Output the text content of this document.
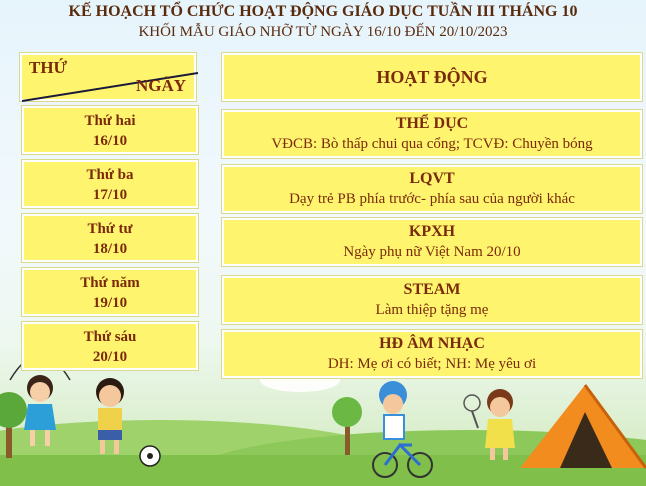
KẾ HOẠCH TỔ CHỨC HOẠT ĐỘNG GIÁO DỤC TUẦN III THÁNG 10
KHỐI MẪU GIÁO NHỠ TỪ NGÀY 16/10 ĐẾN 20/10/2023
THỨ
NGÀY	HOẠT ĐỘNG
Thứ hai
16/10
Thứ ba
17/10
Thứ tư
18/10
Thứ năm
19/10
Thứ sáu
20/10
THỂ DỤC
VĐCB: Bò thấp chui qua cổng; TCVĐ: Chuyền bóng
LQVT
Dạy trẻ PB phía trước- phía sau của người khác
KPXH
Ngày phụ nữ Việt Nam 20/10
STEAM
Làm thiệp tặng mẹ
HĐ ÂM NHẠC
DH: Mẹ ơi có biết; NH: Mẹ yêu ơi
